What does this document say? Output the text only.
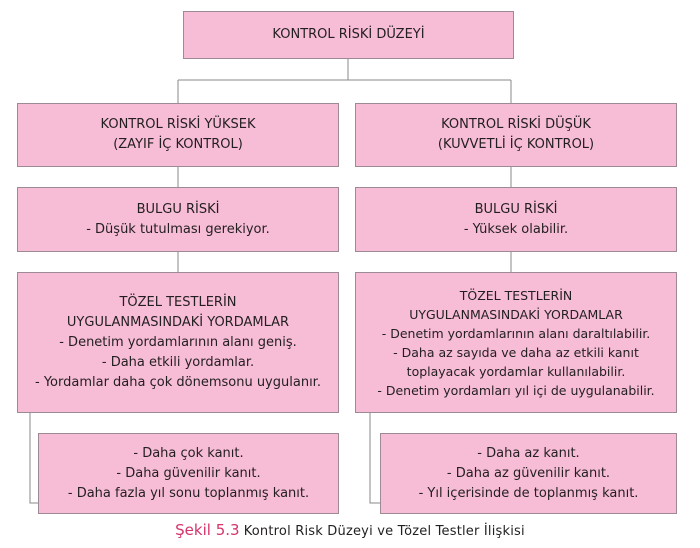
KONTROL RİSKİ DÜZEYİ
KONTROL RİSKİ YÜKSEK
(ZAYIF İÇ KONTROL)
BULGU RİSKİ
- Düşük tutulması gerekiyor.
TÖZEL TESTLERİN
UYGULANMASINDAKİ YORDAMLAR
- Denetim yordamlarının alanı geniş.
- Daha etkili yordamlar.
- Yordamlar daha çok dönemsonu uygulanır.
- Daha çok kanıt.
- Daha güvenilir kanıt.
- Daha fazla yıl sonu toplanmış kanıt.
KONTROL RİSKİ DÜŞÜK
(KUVVETLİ İÇ KONTROL)
BULGU RİSKİ
- Yüksek olabilir.
TÖZEL TESTLERİN
UYGULANMASINDAKİ YORDAMLAR
- Denetim yordamlarının alanı daraltılabilir.
- Daha az sayıda ve daha az etkili kanıt
toplayacak yordamlar kullanılabilir.
- Denetim yordamları yıl içi de uygulanabilir.
- Daha az kanıt.
- Daha az güvenilir kanıt.
- Yıl içerisinde de toplanmış kanıt.
Şekil 5.3 Kontrol Risk Düzeyi ve Tözel Testler İlişkisi
